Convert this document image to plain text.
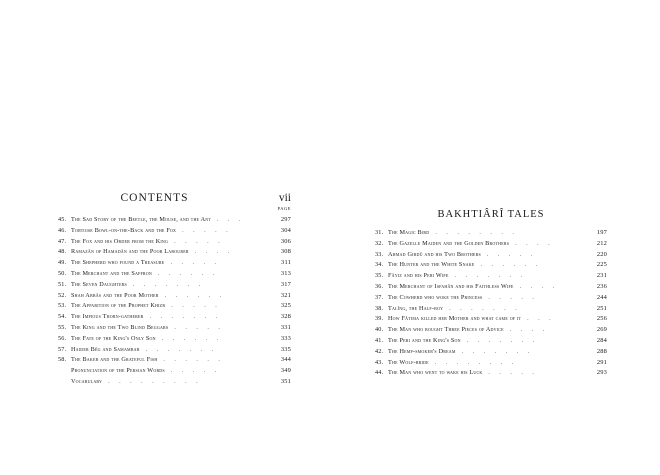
CONTENTS	vii
PAGE
45. The Sad Story of the Beetle, the Mouse, and the Ant	297
. . .
46. Tortoise Bowl-on-the-Back and the Fox	304
. . . . .
47. The Fox and his Order from the King	306
. . . . .
48. Ramazân of Hamadân and the Poor Labourer	308
. . . .
49. The Shepherd who found a Treasure	311
. . . . .
50. The Merchant and the Saffron	313
. . . . . .
51. The Seven Daughters	317
. . . . . . .
52. Shah Abbâs and the Poor Mother	321
. . . . . .
53. The Apparition of the Prophet Khizr	325
. . . . .
54. The Impious Thorn-gatherer	328
. . . . . . .
55. The King and the Two Blind Beggars	331
. . . . .
56. The Fate of the King's Only Son	333
. . . . . .
57. Haider Bêg and Samambar	335
. . . . . . .
58. The Baker and the Grateful Fish	344
. . . . . .
Pronunciation of the Persian Words	349
. . . . .
Vocabulary	351
. . . . . . . . .
BAKHTIÂRÎ TALES
31. The Magic Bird	197
. . . . . . . .
32. The Gazelle Maiden and the Golden Brothers	212
. . . .
33. Ahmad Girdû and his Two Brothers	220
. . . . .
34. The Hunter and the White Snake	225
. . . . . .
35. Fâyiz and his Peri Wife	231
. . . . . . .
36. The Merchant of Isfahân and his Faithless Wife	236
. . . .
37. The Cowherd who woke the Princess	244
. . . . .
38. Talîng, the Half-boy	251
. . . . . . .
39. How Fâtima killed her Mother and what came of it	256
. . .
40. The Man who bought Three Pieces of Advice	269
. . . .
41. The Peri and the King's Son	284
. . . . . . .
42. The Hemp-smoker's Dream	288
. . . . . . .
43. The Wolf-bride	291
. . . . . . . .
44. The Man who went to wake his Luck	293
. . . . .
